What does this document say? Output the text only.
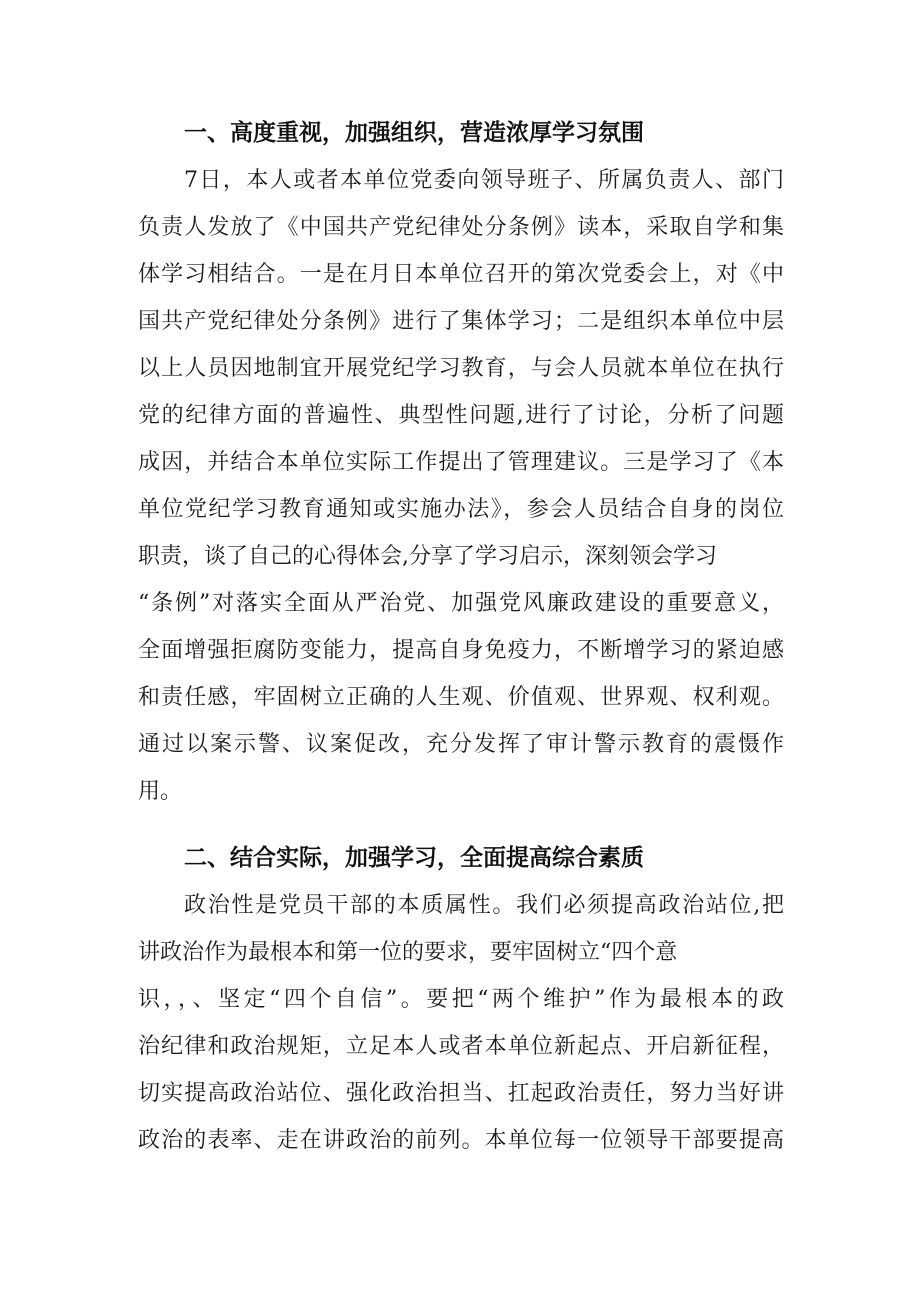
一、高度重视，加强组织，营造浓厚学习氛围
7日，本人或者本单位党委向领导班子、所属负责人、部门
负责人发放了《中国共产党纪律处分条例》读本，采取自学和集
体学习相结合。一是在月日本单位召开的第次党委会上，对《中
国共产党纪律处分条例》进行了集体学习；二是组织本单位中层
以上人员因地制宜开展党纪学习教育，与会人员就本单位在执行
党的纪律方面的普遍性、典型性问题,进行了讨论，分析了问题
成因，并结合本单位实际工作提出了管理建议。三是学习了《本
单位党纪学习教育通知或实施办法》，参会人员结合自身的岗位
职责，谈了自己的心得体会,分享了学习启示，深刻领会学习
“条例”对落实全面从严治党、加强党风廉政建设的重要意义，
全面增强拒腐防变能力，提高自身免疫力，不断增学习的紧迫感
和责任感，牢固树立正确的人生观、价值观、世界观、权利观。
通过以案示警、议案促改，充分发挥了审计警示教育的震慑作
用。
二、结合实际，加强学习，全面提高综合素质
政治性是党员干部的本质属性。我们必须提高政治站位,把
讲政治作为最根本和第一位的要求，要牢固树立“四个意
识，，、坚定“四个自信”。要把“两个维护”作为最根本的政
治纪律和政治规矩，立足本人或者本单位新起点、开启新征程，
切实提高政治站位、强化政治担当、扛起政治责任，努力当好讲
政治的表率、走在讲政治的前列。本单位每一位领导干部要提高
